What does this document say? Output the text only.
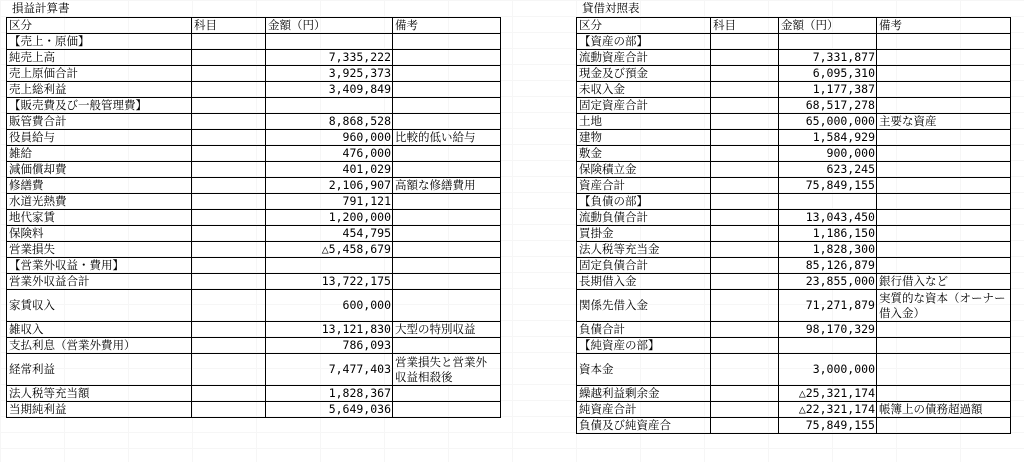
損益計算書
区分	科目	金額（円）	備考
【売上・原価】			
純売上高		7,335,222	
売上原価合計		3,925,373	
売上総利益		3,409,849	
【販売費及び一般管理費】			
販管費合計		8,868,528	
役員給与		960,000	比較的低い給与
雑給		476,000	
減価償却費		401,029	
修繕費		2,106,907	高額な修繕費用
水道光熱費		791,121	
地代家賃		1,200,000	
保険料		454,795	
営業損失		△5,458,679	
【営業外収益・費用】			
営業外収益合計		13,722,175	
家賃収入		600,000	
雑収入		13,121,830	大型の特別収益
支払利息（営業外費用）		786,093	
経常利益		7,477,403	営業損失と営業外収益相殺後
法人税等充当額		1,828,367	
当期純利益		5,649,036	
貸借対照表
区分	科目	金額（円）	備考
【資産の部】			
流動資産合計		7,331,877	
現金及び預金		6,095,310	
未収入金		1,177,387	
固定資産合計		68,517,278	
土地		65,000,000	主要な資産
建物		1,584,929	
敷金		900,000	
保険積立金		623,245	
資産合計		75,849,155	
【負債の部】			
流動負債合計		13,043,450	
買掛金		1,186,150	
法人税等充当金		1,828,300	
固定負債合計		85,126,879	
長期借入金		23,855,000	銀行借入など
関係先借入金		71,271,879	実質的な資本（オーナー借入金）
負債合計		98,170,329	
【純資産の部】			
資本金		3,000,000	
繰越利益剰余金		△25,321,174	
純資産合計		△22,321,174	帳簿上の債務超過額
負債及び純資産合		75,849,155	
